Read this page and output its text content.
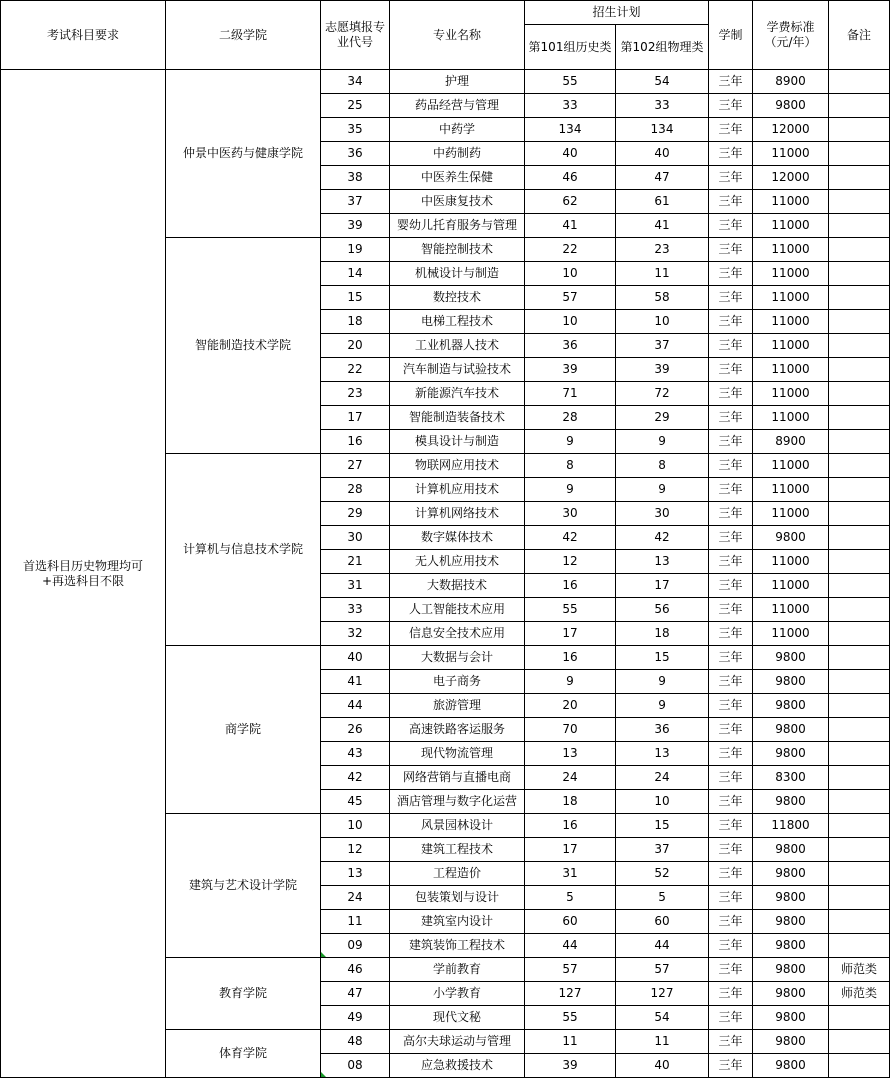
考试科目要求	二级学院	志愿填报专业代号	专业名称	招生计划		学制	学费标准（元/年）	备注
				第101组历史类	第102组物理类			
首选科目历史物理均可+再选科目不限	仲景中医药与健康学院	34	护理	55	54	三年	8900	
		25	药品经营与管理	33	33	三年	9800	
		35	中药学	134	134	三年	12000	
		36	中药制药	40	40	三年	11000	
		38	中医养生保健	46	47	三年	12000	
		37	中医康复技术	62	61	三年	11000	
		39	婴幼儿托育服务与管理	41	41	三年	11000	
	智能制造技术学院	19	智能控制技术	22	23	三年	11000	
		14	机械设计与制造	10	11	三年	11000	
		15	数控技术	57	58	三年	11000	
		18	电梯工程技术	10	10	三年	11000	
		20	工业机器人技术	36	37	三年	11000	
		22	汽车制造与试验技术	39	39	三年	11000	
		23	新能源汽车技术	71	72	三年	11000	
		17	智能制造装备技术	28	29	三年	11000	
		16	模具设计与制造	9	9	三年	8900	
	计算机与信息技术学院	27	物联网应用技术	8	8	三年	11000	
		28	计算机应用技术	9	9	三年	11000	
		29	计算机网络技术	30	30	三年	11000	
		30	数字媒体技术	42	42	三年	9800	
		21	无人机应用技术	12	13	三年	11000	
		31	大数据技术	16	17	三年	11000	
		33	人工智能技术应用	55	56	三年	11000	
		32	信息安全技术应用	17	18	三年	11000	
	商学院	40	大数据与会计	16	15	三年	9800	
		41	电子商务	9	9	三年	9800	
		44	旅游管理	20	9	三年	9800	
		26	高速铁路客运服务	70	36	三年	9800	
		43	现代物流管理	13	13	三年	9800	
		42	网络营销与直播电商	24	24	三年	8300	
		45	酒店管理与数字化运营	18	10	三年	9800	
	建筑与艺术设计学院	10	风景园林设计	16	15	三年	11800	
		12	建筑工程技术	17	37	三年	9800	
		13	工程造价	31	52	三年	9800	
		24	包装策划与设计	5	5	三年	9800	
		11	建筑室内设计	60	60	三年	9800	
		09	建筑装饰工程技术	44	44	三年	9800	
	教育学院	46	学前教育	57	57	三年	9800	师范类
		47	小学教育	127	127	三年	9800	师范类
		49	现代文秘	55	54	三年	9800	
	体育学院	48	高尔夫球运动与管理	11	11	三年	9800	
		08	应急救援技术	39	40	三年	9800	
